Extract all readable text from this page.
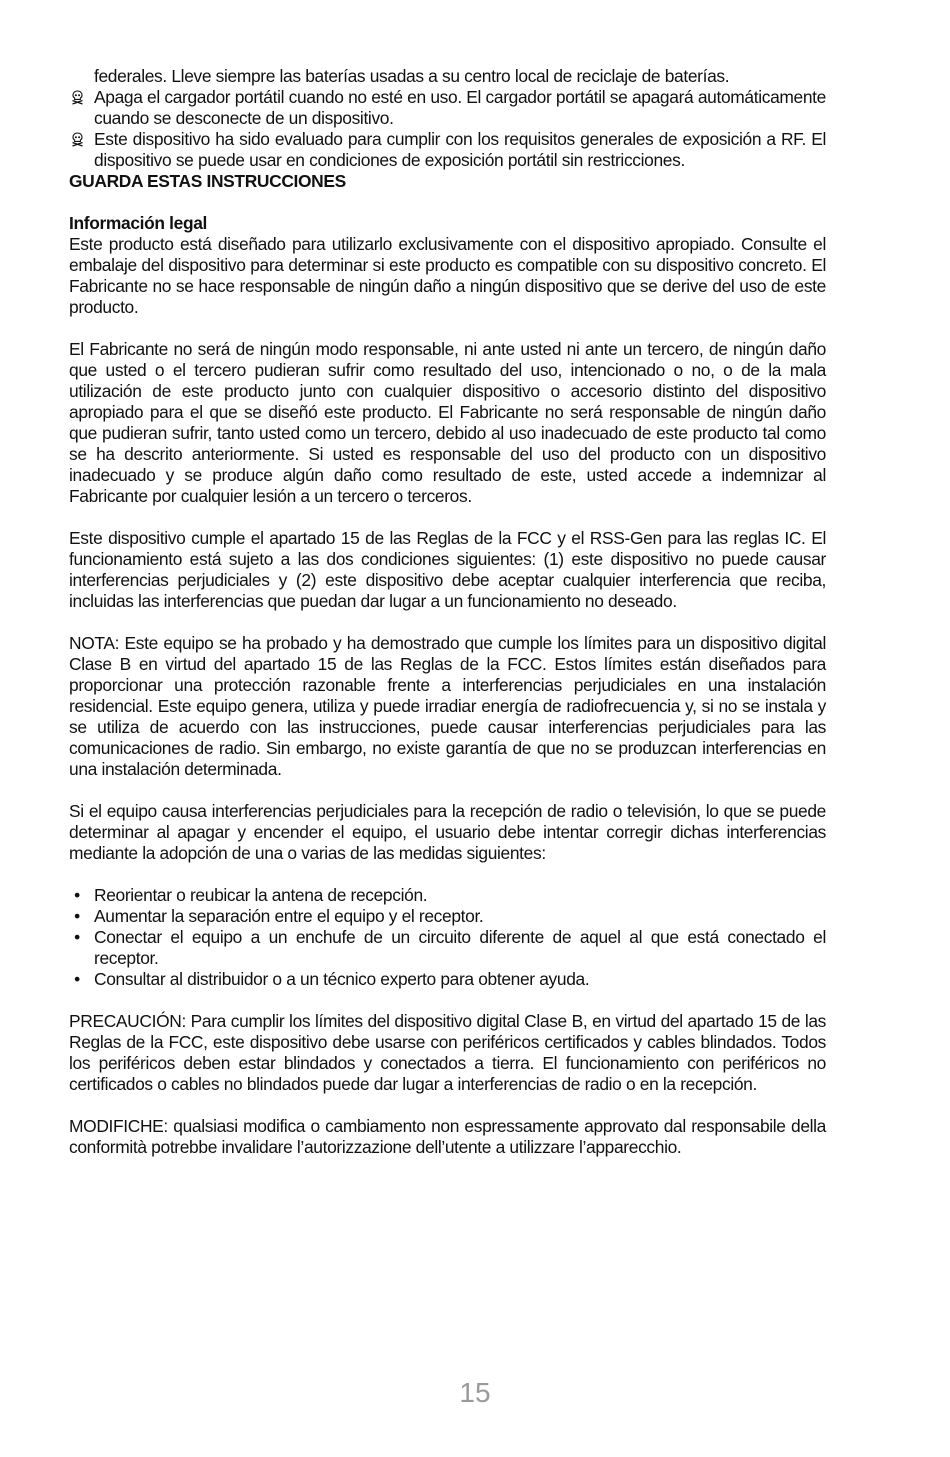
federales. Lleve siempre las baterías usadas a su centro local de reciclaje de baterías.
Apaga el cargador portátil cuando no esté en uso. El cargador portátil se apagará automáticamente cuando se desconecte de un dispositivo.
Este dispositivo ha sido evaluado para cumplir con los requisitos generales de exposición a RF. El dispositivo se puede usar en condiciones de exposición portátil sin restricciones.

GUARDA ESTAS INSTRUCCIONES

Información legal

Este producto está diseñado para utilizarlo exclusivamente con el dispositivo apropiado. Consulte el embalaje del dispositivo para determinar si este producto es compatible con su dispositivo concreto. El Fabricante no se hace responsable de ningún daño a ningún dispositivo que se derive del uso de este producto.

El Fabricante no será de ningún modo responsable, ni ante usted ni ante un tercero, de ningún daño que usted o el tercero pudieran sufrir como resultado del uso, intencionado o no, o de la mala utilización de este producto junto con cualquier dispositivo o accesorio distinto del dispositivo apropiado para el que se diseñó este producto. El Fabricante no será responsable de ningún daño que pudieran sufrir, tanto usted como un tercero, debido al uso inadecuado de este producto tal como se ha descrito anteriormente. Si usted es responsable del uso del producto con un dispositivo inadecuado y se produce algún daño como resultado de este, usted accede a indemnizar al Fabricante por cualquier lesión a un tercero o terceros.

Este dispositivo cumple el apartado 15 de las Reglas de la FCC y el RSS-Gen para las reglas IC. El funcionamiento está sujeto a las dos condiciones siguientes: (1) este dispositivo no puede causar interferencias perjudiciales y (2) este dispositivo debe aceptar cualquier interferencia que reciba, incluidas las interferencias que puedan dar lugar a un funcionamiento no deseado.

NOTA: Este equipo se ha probado y ha demostrado que cumple los límites para un dispositivo digital Clase B en virtud del apartado 15 de las Reglas de la FCC. Estos límites están diseñados para proporcionar una protección razonable frente a interferencias perjudiciales en una instalación residencial. Este equipo genera, utiliza y puede irradiar energía de radiofrecuencia y, si no se instala y se utiliza de acuerdo con las instrucciones, puede causar interferencias perjudiciales para las comunicaciones de radio. Sin embargo, no existe garantía de que no se produzcan interferencias en una instalación determinada.

Si el equipo causa interferencias perjudiciales para la recepción de radio o televisión, lo que se puede determinar al apagar y encender el equipo, el usuario debe intentar corregir dichas interferencias mediante la adopción de una o varias de las medidas siguientes:

• Reorientar o reubicar la antena de recepción.
• Aumentar la separación entre el equipo y el receptor.
• Conectar el equipo a un enchufe de un circuito diferente de aquel al que está conectado el receptor.
• Consultar al distribuidor o a un técnico experto para obtener ayuda.

PRECAUCIÓN: Para cumplir los límites del dispositivo digital Clase B, en virtud del apartado 15 de las Reglas de la FCC, este dispositivo debe usarse con periféricos certificados y cables blindados. Todos los periféricos deben estar blindados y conectados a tierra. El funcionamiento con periféricos no certificados o cables no blindados puede dar lugar a interferencias de radio o en la recepción.

MODIFICHE: qualsiasi modifica o cambiamento non espressamente approvato dal responsabile della conformità potrebbe invalidare l’autorizzazione dell’utente a utilizzare l’apparecchio.

15
